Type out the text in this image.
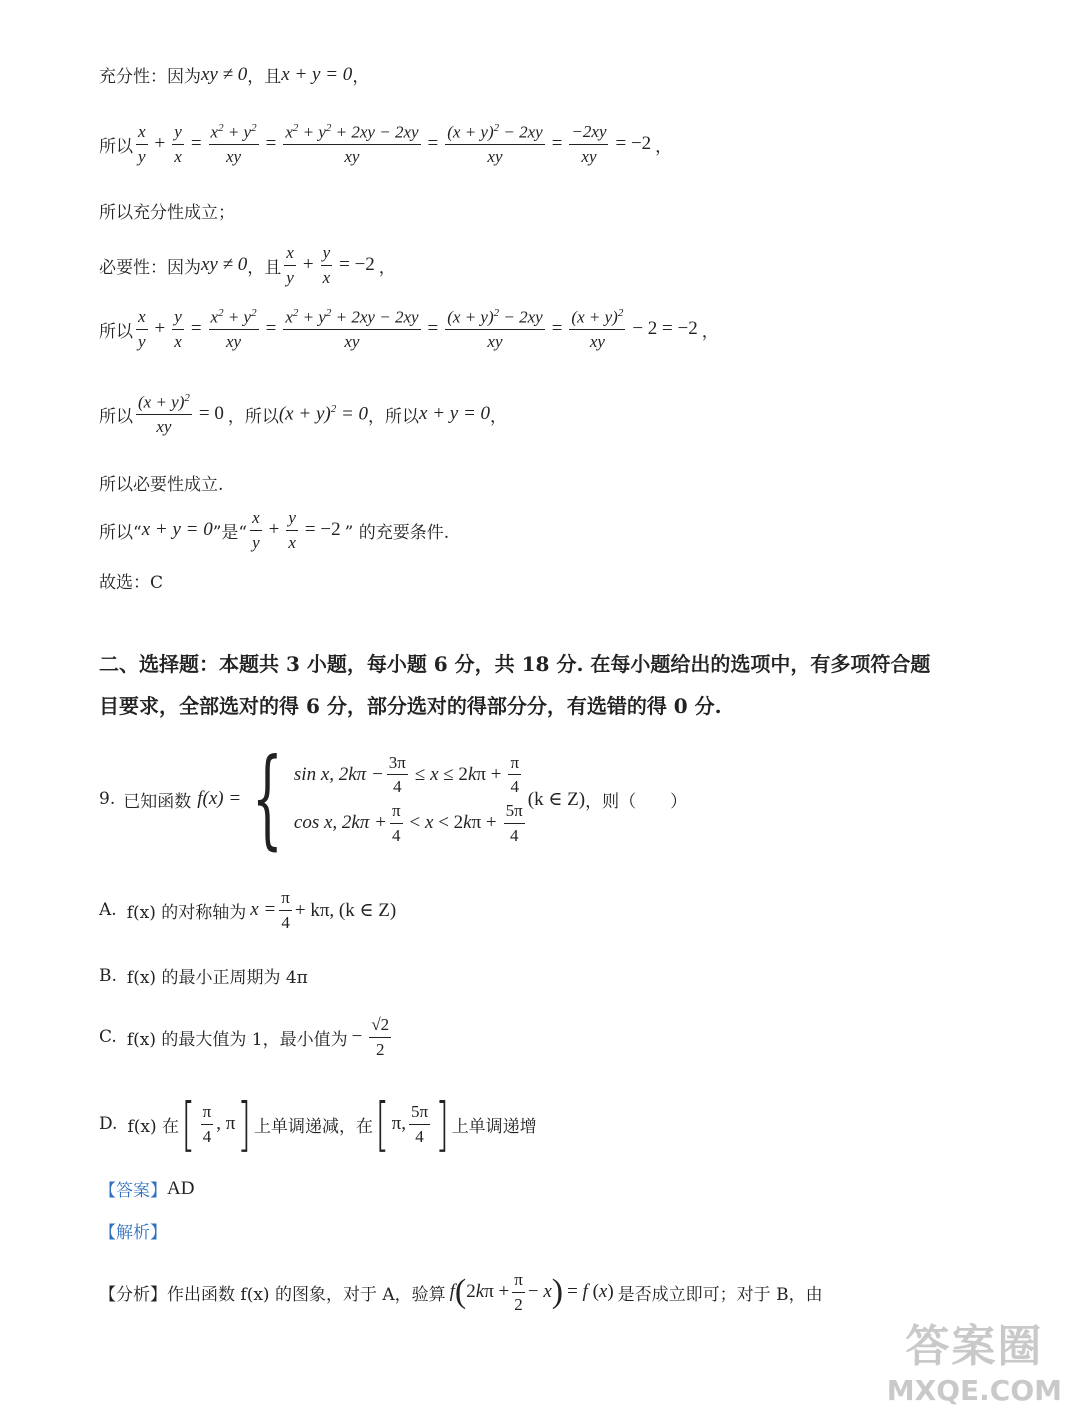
充分性：因为 xy ≠ 0 ，且 x + y = 0 ，
所以 $\frac{x}{y} + \frac{y}{x} = \frac{x^2 + y^2}{xy} = \frac{x^2 + y^2 + 2xy - 2xy}{xy} = \frac{(x + y)^2 - 2xy}{xy} = \frac{-2xy}{xy} = -2$ ，
所以充分性成立；
必要性：因为 xy ≠ 0 ，且 $\frac{x}{y} + \frac{y}{x} = -2$ ，
所以 $\frac{x}{y} + \frac{y}{x} = \frac{x^2 + y^2}{xy} = \frac{x^2 + y^2 + 2xy - 2xy}{xy} = \frac{(x + y)^2 - 2xy}{xy} = \frac{(x + y)^2}{xy} - 2 = -2$ ，
所以 $\frac{(x + y)^2}{xy} = 0$ ，所以 $(x + y)^2 = 0$ ，所以 x + y = 0 ，
所以必要性成立.
所以“ x + y = 0 ”是“ $\frac{x}{y} + \frac{y}{x} = -2$ ” 的充要条件.
故选：C
二、选择题：本题共 3 小题，每小题 6 分，共 18 分. 在每小题给出的选项中，有多项符合题
目要求，全部选对的得 6 分，部分选对的得部分分，有选错的得 0 分.
9. 已知函数 f(x) = { sin x, $2k\pi - \frac{3\pi}{4} \le x \le 2k\pi + \frac{\pi}{4}$
cos x, $2k\pi + \frac{\pi}{4} < x < 2k\pi + \frac{5\pi}{4}$
(k ∈ Z) ，则（　　）
A. f(x) 的对称轴为 $x = \frac{\pi}{4} + k\pi$, (k ∈ Z)
B. f(x) 的最小正周期为 4π
C. f(x) 的最大值为 1，最小值为 − $\frac{√2}{2}$
D. f(x) 在 [ $\frac{\pi}{4}$ , π ] 上单调递减，在 [ π, $\frac{5\pi}{4}$ ] 上单调递增
【答案】 AD
【解析】
【分析】 作出函数 f(x) 的图象，对于 A，验算 f ( $2k\pi + \frac{\pi}{2} - x$ ) = f (x) 是否成立即可；对于 B，由
答案圈
MXQE.COM
